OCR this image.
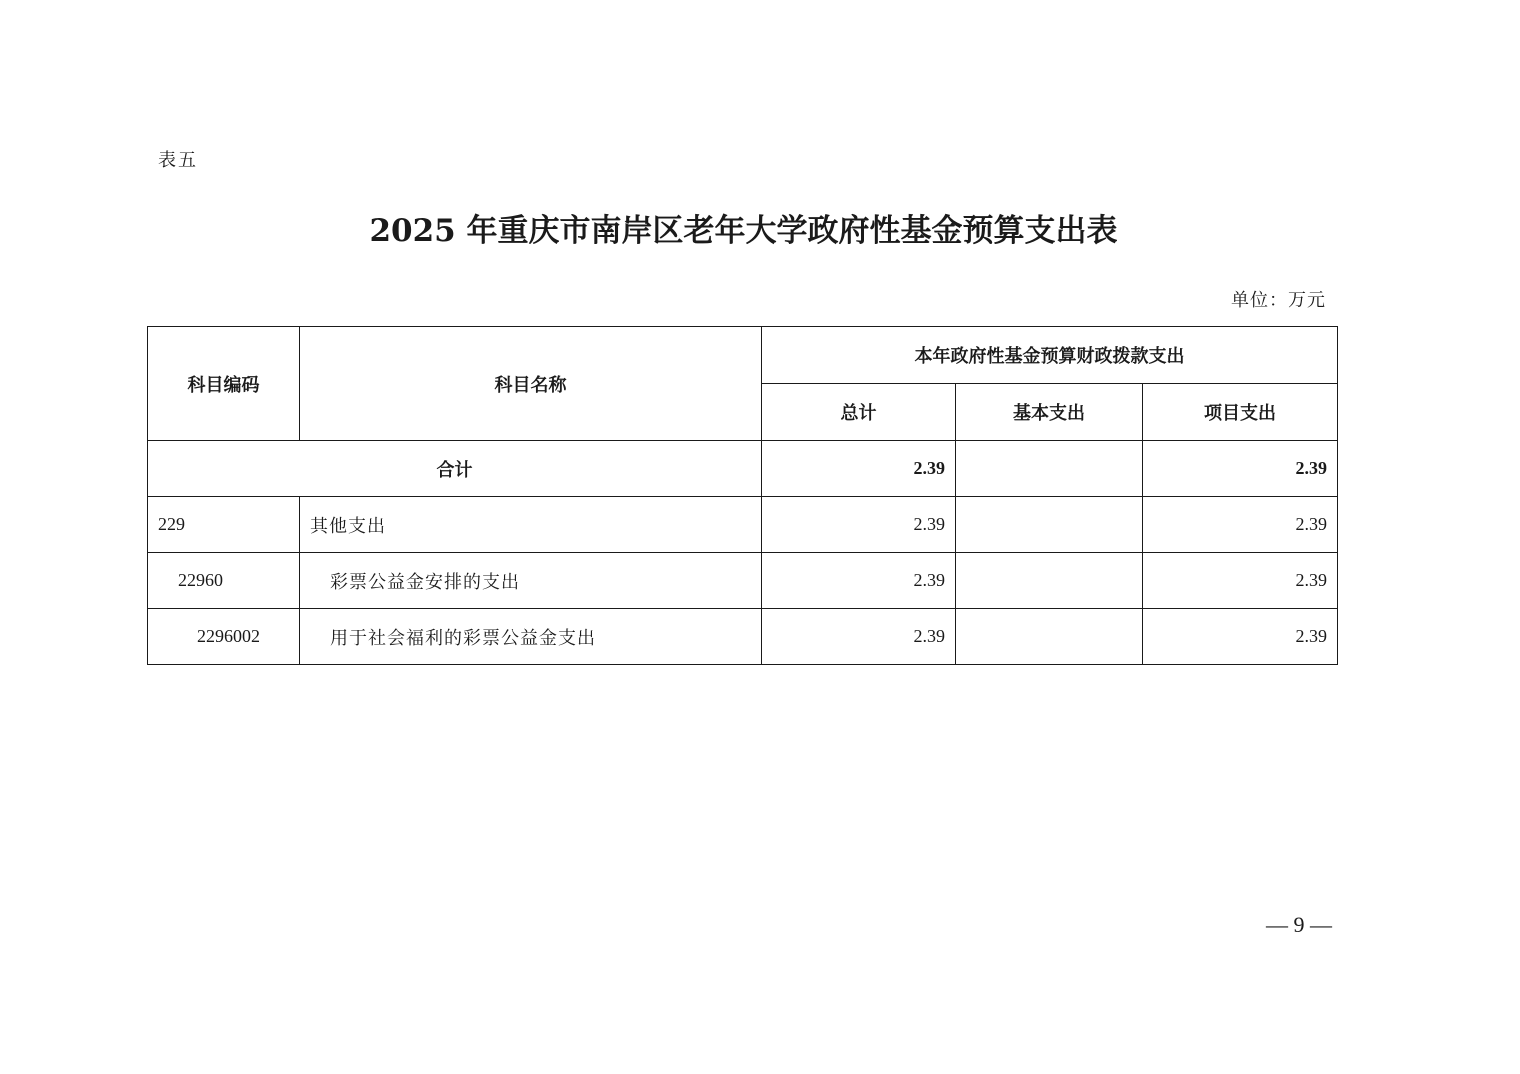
表五
2025 年重庆市南岸区老年大学政府性基金预算支出表
单位：万元
科目编码	科目名称	本年政府性基金预算财政拨款支出		
		总计	基本支出	项目支出
合计		2.39		2.39
229	其他支出	2.39		2.39
22960	彩票公益金安排的支出	2.39		2.39
2296002	用于社会福利的彩票公益金支出	2.39		2.39
— 9 —
